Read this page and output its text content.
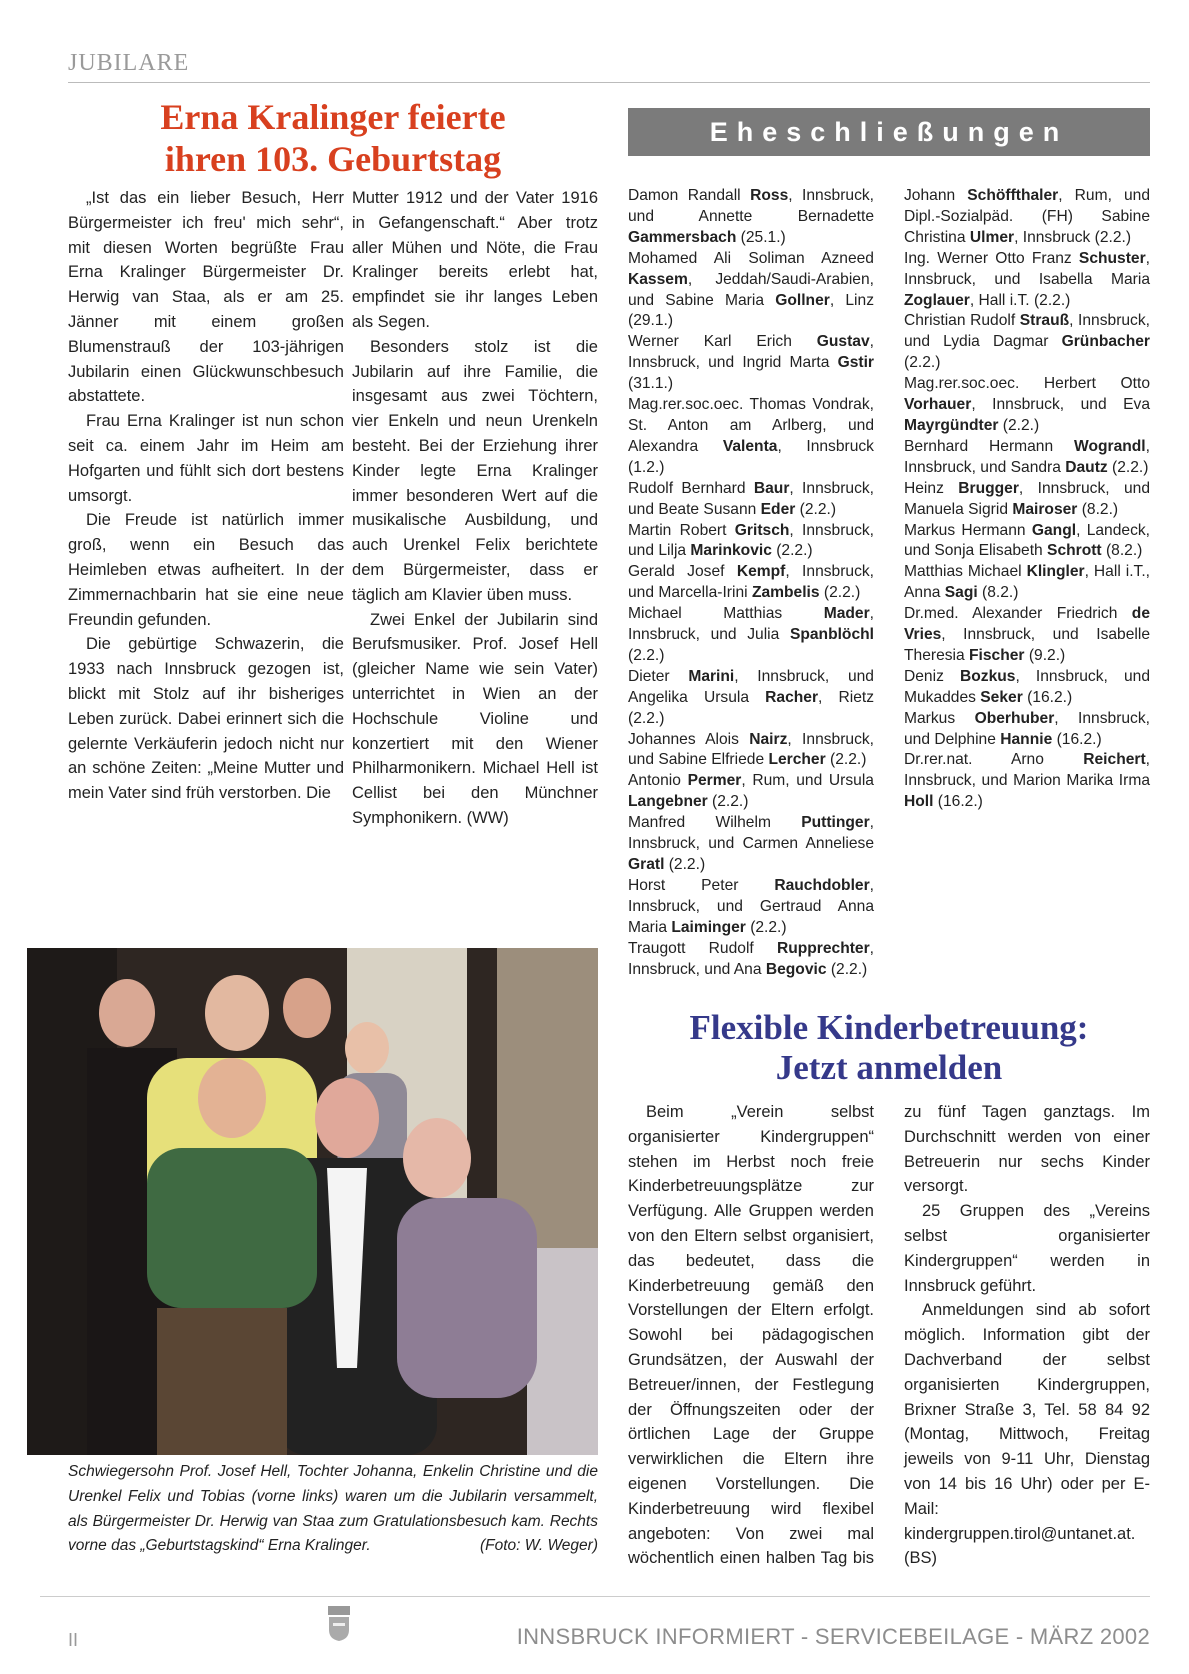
JUBILARE
Erna Kralinger feierte
ihren 103. Geburtstag

„Ist das ein lieber Besuch, Herr Bürgermeister ich freu' mich sehr“, mit diesen Worten begrüßte Frau Erna Kralinger Bürgermeister Dr. Herwig van Staa, als er am 25. Jänner mit einem großen Blumenstrauß der 103-jährigen Jubilarin einen Glückwunschbesuch abstattete.

Frau Erna Kralinger ist nun schon seit ca. einem Jahr im Heim am Hofgarten und fühlt sich dort bestens umsorgt.

Die Freude ist natürlich immer groß, wenn ein Besuch das Heimleben etwas aufheitert. In der Zimmernachbarin hat sie eine neue Freundin gefunden.

Die gebürtige Schwazerin, die 1933 nach Innsbruck gezogen ist, blickt mit Stolz auf ihr bisheriges Leben zurück. Dabei erinnert sich die gelernte Verkäuferin jedoch nicht nur an schöne Zeiten: „Meine Mutter und mein Vater sind früh verstorben. Die

Mutter 1912 und der Vater 1916 in Gefangenschaft.“ Aber trotz aller Mühen und Nöte, die Frau Kralinger bereits erlebt hat, empfindet sie ihr langes Leben als Segen.

Besonders stolz ist die Jubilarin auf ihre Familie, die insgesamt aus zwei Töchtern, vier Enkeln und neun Urenkeln besteht. Bei der Erziehung ihrer Kinder legte Erna Kralinger immer besonderen Wert auf die musikalische Ausbildung, und auch Urenkel Felix berichtete dem Bürgermeister, dass er täglich am Klavier üben muss.

Zwei Enkel der Jubilarin sind Berufsmusiker. Prof. Josef Hell (gleicher Name wie sein Vater) unterrichtet in Wien an der Hochschule Violine und konzertiert mit den Wiener Philharmonikern. Michael Hell ist Cellist bei den Münchner Symphonikern. (WW)

Schwiegersohn Prof. Josef Hell, Tochter Johanna, Enkelin Christine und die Urenkel Felix und Tobias (vorne links) waren um die Jubilarin versammelt, als Bürgermeister Dr. Herwig van Staa zum Gratulationsbesuch kam. Rechts vorne das „Geburtstagskind“ Erna Kralinger.	(Foto: W. Weger)
Eheschließungen
Damon Randall Ross, Innsbruck, und Annette Bernadette Gammersbach (25.1.)
Mohamed Ali Soliman Azneed Kassem, Jeddah/Saudi-Arabien, und Sabine Maria Gollner, Linz (29.1.)
Werner Karl Erich Gustav, Innsbruck, und Ingrid Marta Gstir (31.1.)
Mag.rer.soc.oec. Thomas Vondrak, St. Anton am Arlberg, und Alexandra Valenta, Innsbruck (1.2.)
Rudolf Bernhard Baur, Innsbruck, und Beate Susann Eder (2.2.)
Martin Robert Gritsch, Innsbruck, und Lilja Marinkovic (2.2.)
Gerald Josef Kempf, Innsbruck, und Marcella-Irini Zambelis (2.2.)
Michael Matthias Mader, Innsbruck, und Julia Spanblöchl (2.2.)
Dieter Marini, Innsbruck, und Angelika Ursula Racher, Rietz (2.2.)
Johannes Alois Nairz, Innsbruck, und Sabine Elfriede Lercher (2.2.)
Antonio Permer, Rum, und Ursula Langebner (2.2.)
Manfred Wilhelm Puttinger, Innsbruck, und Carmen Anneliese Gratl (2.2.)
Horst Peter Rauchdobler, Innsbruck, und Gertraud Anna Maria Laiminger (2.2.)
Traugott Rudolf Rupprechter, Innsbruck, und Ana Begovic (2.2.)
Johann Schöffthaler, Rum, und Dipl.-Sozialpäd. (FH) Sabine Christina Ulmer, Innsbruck (2.2.)
Ing. Werner Otto Franz Schuster, Innsbruck, und Isabella Maria Zoglauer, Hall i.T. (2.2.)
Christian Rudolf Strauß, Innsbruck, und Lydia Dagmar Grünbacher (2.2.)
Mag.rer.soc.oec. Herbert Otto Vorhauer, Innsbruck, und Eva Mayrgündter (2.2.)
Bernhard Hermann Wograndl, Innsbruck, und Sandra Dautz (2.2.)
Heinz Brugger, Innsbruck, und Manuela Sigrid Mairoser (8.2.)
Markus Hermann Gangl, Landeck, und Sonja Elisabeth Schrott (8.2.)
Matthias Michael Klingler, Hall i.T., Anna Sagi (8.2.)
Dr.med. Alexander Friedrich de Vries, Innsbruck, und Isabelle Theresia Fischer (9.2.)
Deniz Bozkus, Innsbruck, und Mukaddes Seker (16.2.)
Markus Oberhuber, Innsbruck, und Delphine Hannie (16.2.)
Dr.rer.nat. Arno Reichert, Innsbruck, und Marion Marika Irma Holl (16.2.)
Flexible Kinderbetreuung:
Jetzt anmelden

Beim „Verein selbst organisierter Kindergruppen“ stehen im Herbst noch freie Kinderbetreuungsplätze zur Verfügung. Alle Gruppen werden von den Eltern selbst organisiert, das bedeutet, dass die Kinderbetreuung gemäß den Vorstellungen der Eltern erfolgt. Sowohl bei pädagogischen Grundsätzen, der Auswahl der Betreuer/innen, der Festlegung der Öffnungszeiten oder der örtlichen Lage der Gruppe verwirklichen die Eltern ihre eigenen Vorstellungen. Die Kinderbetreuung wird flexibel angeboten: Von zwei mal wöchentlich einen halben Tag bis zu fünf Tagen ganztags. Im Durchschnitt werden von einer Betreuerin nur sechs Kinder versorgt.

25 Gruppen des „Vereins selbst organisierter Kindergruppen“ werden in Innsbruck geführt.

Anmeldungen sind ab sofort möglich. Information gibt der Dachverband der selbst organisierten Kindergruppen, Brixner Straße 3, Tel. 58 84 92 (Montag, Mittwoch, Freitag jeweils von 9-11 Uhr, Dienstag von 14 bis 16 Uhr) oder per E-Mail: kindergruppen.tirol@untanet.at. (BS)

II	INNSBRUCK INFORMIERT - SERVICEBEILAGE - MÄRZ 2002
